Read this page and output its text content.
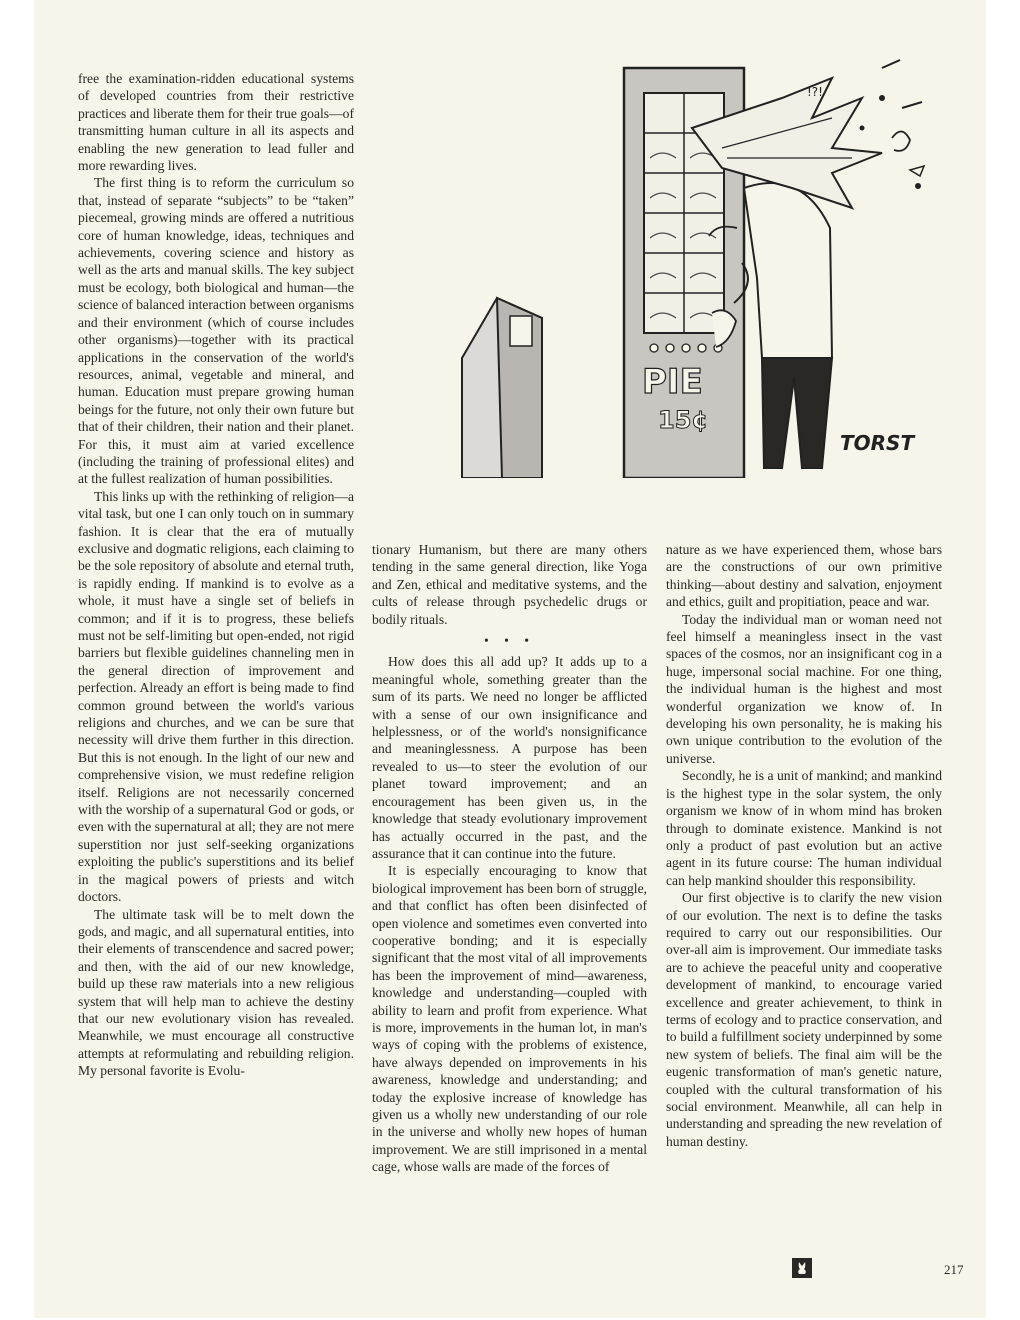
free the examination-ridden educational systems of developed countries from their restrictive practices and liberate them for their true goals—of transmitting human culture in all its aspects and enabling the new generation to lead fuller and more rewarding lives.

The first thing is to reform the curriculum so that, instead of separate “subjects” to be “taken” piecemeal, growing minds are offered a nutritious core of human knowledge, ideas, techniques and achievements, covering science and history as well as the arts and manual skills. The key subject must be ecology, both biological and human—the science of balanced interaction between organisms and their environment (which of course includes other organisms)—together with its practical applications in the conservation of the world's resources, animal, vegetable and mineral, and human. Education must prepare growing human beings for the future, not only their own future but that of their children, their nation and their planet. For this, it must aim at varied excellence (including the training of professional elites) and at the fullest realization of human possibilities.

This links up with the rethinking of religion—a vital task, but one I can only touch on in summary fashion. It is clear that the era of mutually exclusive and dogmatic religions, each claiming to be the sole repository of absolute and eternal truth, is rapidly ending. If mankind is to evolve as a whole, it must have a single set of beliefs in common; and if it is to progress, these beliefs must not be self-limiting but open-ended, not rigid barriers but flexible guidelines channeling men in the general direction of improvement and perfection. Already an effort is being made to find common ground between the world's various religions and churches, and we can be sure that necessity will drive them further in this direction. But this is not enough. In the light of our new and comprehensive vision, we must redefine religion itself. Religions are not necessarily concerned with the worship of a supernatural God or gods, or even with the supernatural at all; they are not mere superstition nor just self-seeking organizations exploiting the public's superstitions and its belief in the magical powers of priests and witch doctors.

The ultimate task will be to melt down the gods, and magic, and all supernatural entities, into their elements of transcendence and sacred power; and then, with the aid of our new knowledge, build up these raw materials into a new religious system that will help man to achieve the destiny that our new evolutionary vision has revealed. Meanwhile, we must encourage all constructive attempts at reformulating and rebuilding religion. My personal favorite is Evolu-

PIE
15¢
!?!
TORST

tionary Humanism, but there are many others tending in the same general direction, like Yoga and Zen, ethical and meditative systems, and the cults of release through psychedelic drugs or bodily rituals.

• • •

How does this all add up? It adds up to a meaningful whole, something greater than the sum of its parts. We need no longer be afflicted with a sense of our own insignificance and helplessness, or of the world's nonsignificance and meaninglessness. A purpose has been revealed to us—to steer the evolution of our planet toward improvement; and an encouragement has been given us, in the knowledge that steady evolutionary improvement has actually occurred in the past, and the assurance that it can continue into the future.

It is especially encouraging to know that biological improvement has been born of struggle, and that conflict has often been disinfected of open violence and sometimes even converted into cooperative bonding; and it is especially significant that the most vital of all improvements has been the improvement of mind—awareness, knowledge and understanding—coupled with ability to learn and profit from experience. What is more, improvements in the human lot, in man's ways of coping with the problems of existence, have always depended on improvements in his awareness, knowledge and understanding; and today the explosive increase of knowledge has given us a wholly new understanding of our role in the universe and wholly new hopes of human improvement. We are still imprisoned in a mental cage, whose walls are made of the forces of

nature as we have experienced them, whose bars are the constructions of our own primitive thinking—about destiny and salvation, enjoyment and ethics, guilt and propitiation, peace and war.

Today the individual man or woman need not feel himself a meaningless insect in the vast spaces of the cosmos, nor an insignificant cog in a huge, impersonal social machine. For one thing, the individual human is the highest and most wonderful organization we know of. In developing his own personality, he is making his own unique contribution to the evolution of the universe.

Secondly, he is a unit of mankind; and mankind is the highest type in the solar system, the only organism we know of in whom mind has broken through to dominate existence. Mankind is not only a product of past evolution but an active agent in its future course: The human individual can help mankind shoulder this responsibility.

Our first objective is to clarify the new vision of our evolution. The next is to define the tasks required to carry out our responsibilities. Our over-all aim is improvement. Our immediate tasks are to achieve the peaceful unity and cooperative development of mankind, to encourage varied excellence and greater achievement, to think in terms of ecology and to practice conservation, and to build a fulfillment society underpinned by some new system of beliefs. The final aim will be the eugenic transformation of man's genetic nature, coupled with the cultural transformation of his social environment. Meanwhile, all can help in understanding and spreading the new revelation of human destiny.

217
